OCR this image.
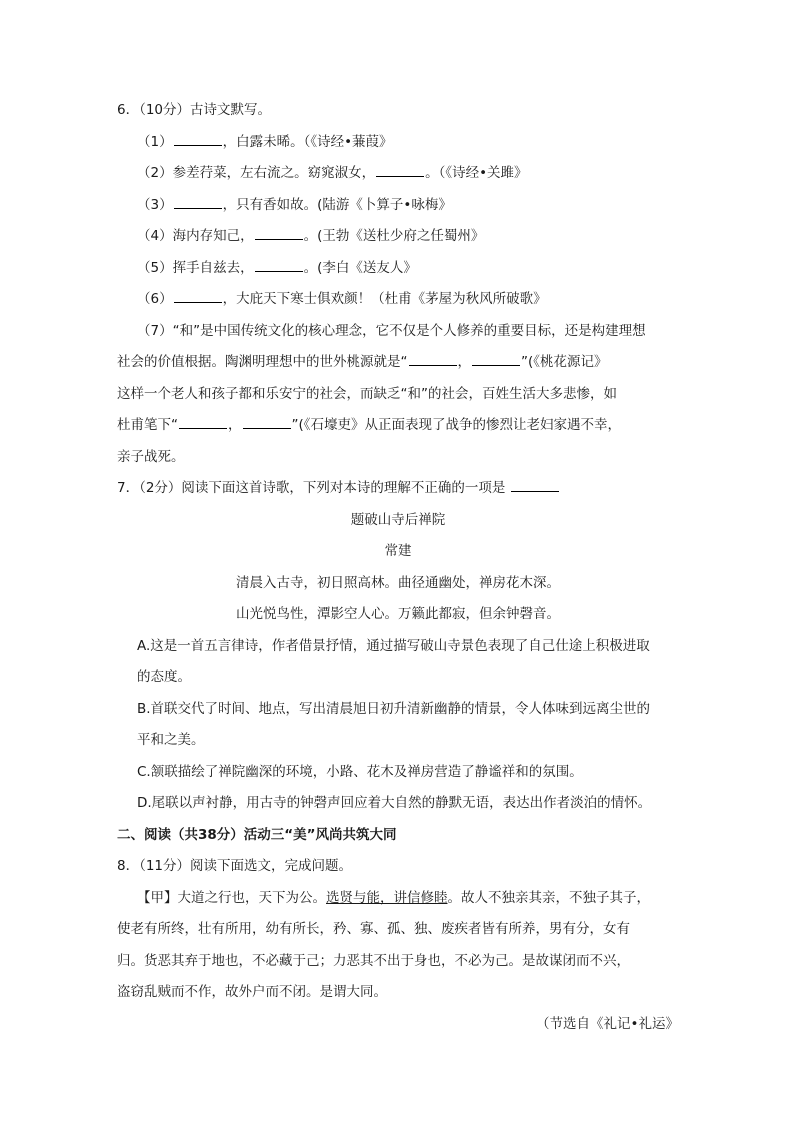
6．（10分）古诗文默写。
（1）	，白露未晞。（《诗经•蒹葭》
（2）参差荇菜，左右流之。窈窕淑女，	。（《诗经•关雎》
（3）	，只有香如故。(陆游《卜算子•咏梅》
（4）海内存知己，	。(王勃《送杜少府之任蜀州》
（5）挥手自兹去，	。(李白《送友人》
（6）	，大庇天下寒士俱欢颜！（杜甫《茅屋为秋风所破歌》
（7）“和”是中国传统文化的核心理念，它不仅是个人修养的重要目标，还是构建理想
社会的价值根据。陶渊明理想中的世外桃源就是“	，	”(《桃花源记》
这样一个老人和孩子都和乐安宁的社会，而缺乏“和”的社会，百姓生活大多悲惨，如
杜甫笔下“	，	”(《石壕吏》从正面表现了战争的惨烈让老妇家遇不幸，
亲子战死。
7．（2分）阅读下面这首诗歌，下列对本诗的理解不正确的一项是
题破山寺后禅院
常建
清晨入古寺，初日照高林。曲径通幽处，禅房花木深。
山光悦鸟性，潭影空人心。万籁此都寂，但余钟磬音。
A.这是一首五言律诗，作者借景抒情，通过描写破山寺景色表现了自己仕途上积极进取
的态度。
B.首联交代了时间、地点，写出清晨旭日初升清新幽静的情景，令人体味到远离尘世的
平和之美。
C.颔联描绘了禅院幽深的环境，小路、花木及禅房营造了静谧祥和的氛围。
D.尾联以声衬静，用古寺的钟磬声回应着大自然的静默无语，表达出作者淡泊的情怀。
二、阅读（共38分）活动三“美”风尚共筑大同
8．（11分）阅读下面选文，完成问题。
【甲】大道之行也，天下为公。选贤与能，讲信修睦。故人不独亲其亲，不独子其子，
使老有所终，壮有所用，幼有所长，矜、寡、孤、独、废疾者皆有所养，男有分，女有
归。货恶其弃于地也，不必藏于己；力恶其不出于身也，不必为己。是故谋闭而不兴，
盗窃乱贼而不作，故外户而不闭。是谓大同。
（节选自《礼记•礼运》
